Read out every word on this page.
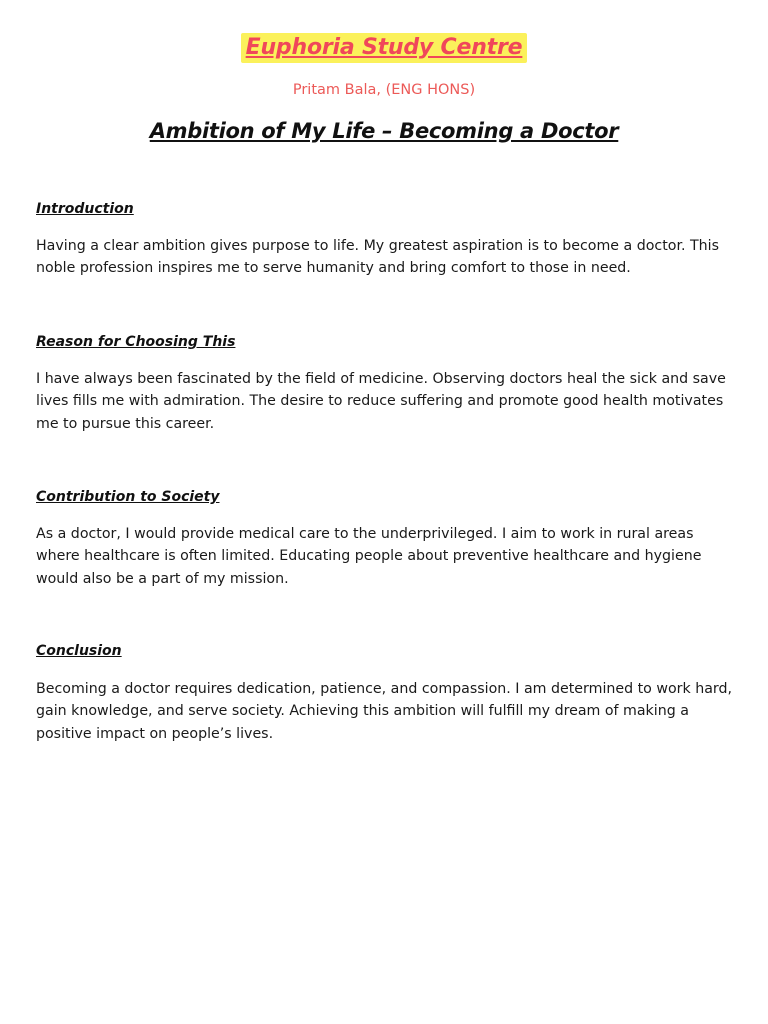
Euphoria Study Centre
Pritam Bala, (ENG HONS)
Ambition of My Life – Becoming a Doctor
Introduction

Having a clear ambition gives purpose to life. My greatest aspiration is to become a doctor. This noble profession inspires me to serve humanity and bring comfort to those in need.

Reason for Choosing This

I have always been fascinated by the field of medicine. Observing doctors heal the sick and save lives fills me with admiration. The desire to reduce suffering and promote good health motivates me to pursue this career.

Contribution to Society

As a doctor, I would provide medical care to the underprivileged. I aim to work in rural areas where healthcare is often limited. Educating people about preventive healthcare and hygiene would also be a part of my mission.

Conclusion

Becoming a doctor requires dedication, patience, and compassion. I am determined to work hard, gain knowledge, and serve society. Achieving this ambition will fulfill my dream of making a positive impact on people’s lives.
